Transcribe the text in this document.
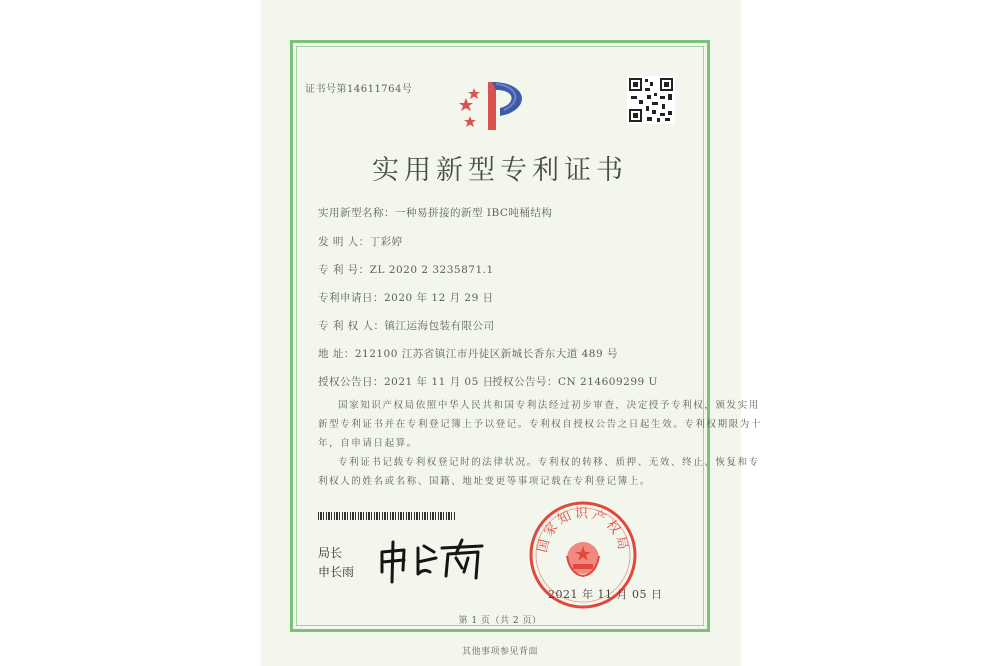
证书号第14611764号
实用新型专利证书
实用新型名称：一种易拼接的新型 IBC吨桶结构
发 明 人：丁彩婷
专 利 号：ZL 2020 2 3235871.1
专利申请日：2020 年 12 月 29 日
专 利 权 人：镇江运海包装有限公司
地 址：212100 江苏省镇江市丹徒区新城长香东大道 489 号
授权公告日：2021 年 11 月 05 日
授权公告号：CN 214609299 U
国家知识产权局依照中华人民共和国专利法经过初步审查，决定授予专利权，颁发实用
新型专利证书并在专利登记簿上予以登记。专利权自授权公告之日起生效。专利权期限为十
年，自申请日起算。
专利证书记载专利权登记时的法律状况。专利权的转移、质押、无效、终止、恢复和专
利权人的姓名或名称、国籍、地址变更等事项记载在专利登记簿上。
局长
申长雨
国家知识产权局
2021 年 11 月 05 日
第 1 页（共 2 页）
其他事项参见背面
